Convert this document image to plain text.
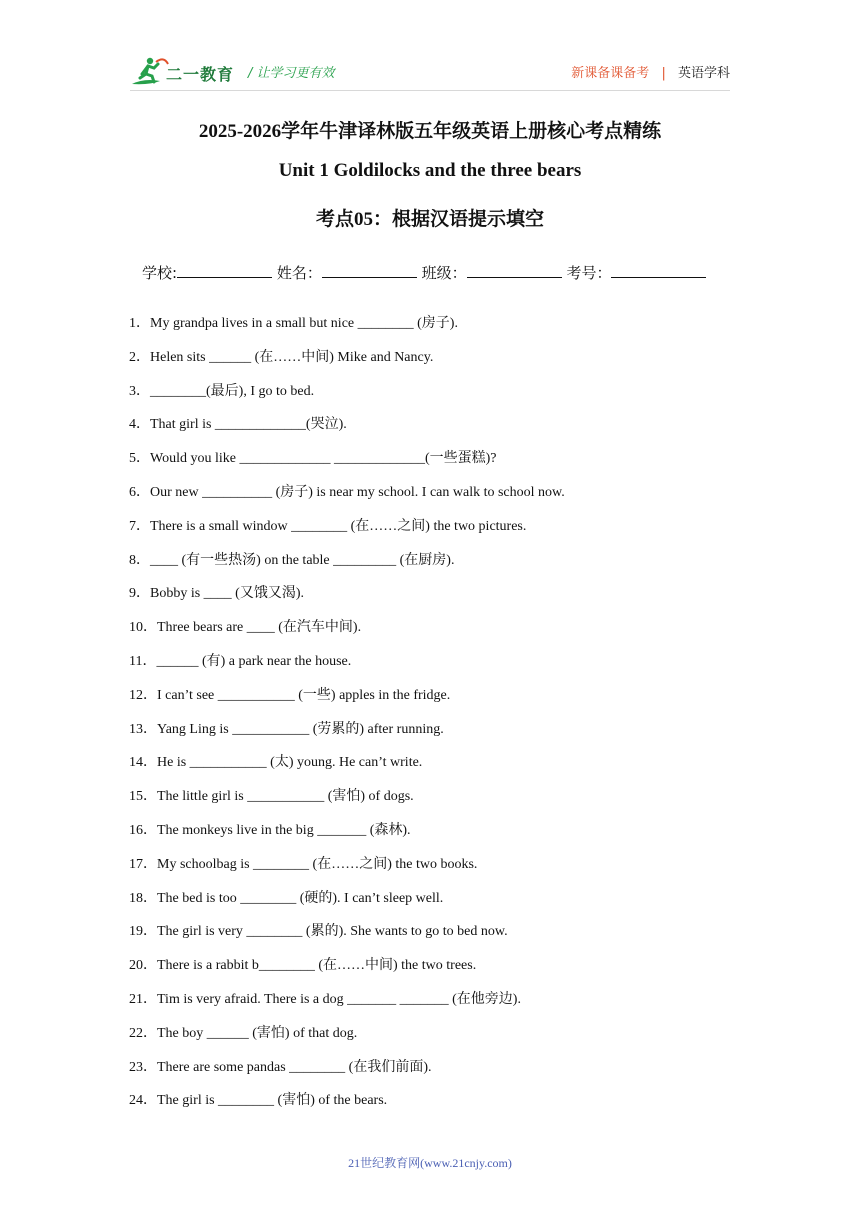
二一教育 / 让学习更有效	新课备课备考 | 英语学科
2025-2026学年牛津译林版五年级英语上册核心考点精练
Unit 1 Goldilocks and the three bears
考点05：根据汉语提示填空
学校:	姓名：	班级：	考号：
1．My grandpa lives in a small but nice ________ (房子).
2．Helen sits ______ (在……中间) Mike and Nancy.
3．________(最后), I go to bed.
4．That girl is _____________(哭泣).
5．Would you like _____________ _____________(一些蛋糕)?
6．Our new __________ (房子) is near my school. I can walk to school now.
7．There is a small window ________ (在……之间) the two pictures.
8．____ (有一些热汤) on the table _________ (在厨房).
9．Bobby is ____ (又饿又渴).
10．Three bears are ____ (在汽车中间).
11．______ (有) a park near the house.
12．I can’t see ___________ (一些) apples in the fridge.
13．Yang Ling is ___________ (劳累的) after running.
14．He is ___________ (太) young. He can’t write.
15．The little girl is ___________ (害怕) of dogs.
16．The monkeys live in the big _______ (森林).
17．My schoolbag is ________ (在……之间) the two books.
18．The bed is too ________ (硬的). I can’t sleep well.
19．The girl is very ________ (累的). She wants to go to bed now.
20．There is a rabbit b________ (在……中间) the two trees.
21．Tim is very afraid. There is a dog _______ _______ (在他旁边).
22．The boy ______ (害怕) of that dog.
23．There are some pandas ________ (在我们前面).
24．The girl is ________ (害怕) of the bears.
21世纪教育网(www.21cnjy.com)
